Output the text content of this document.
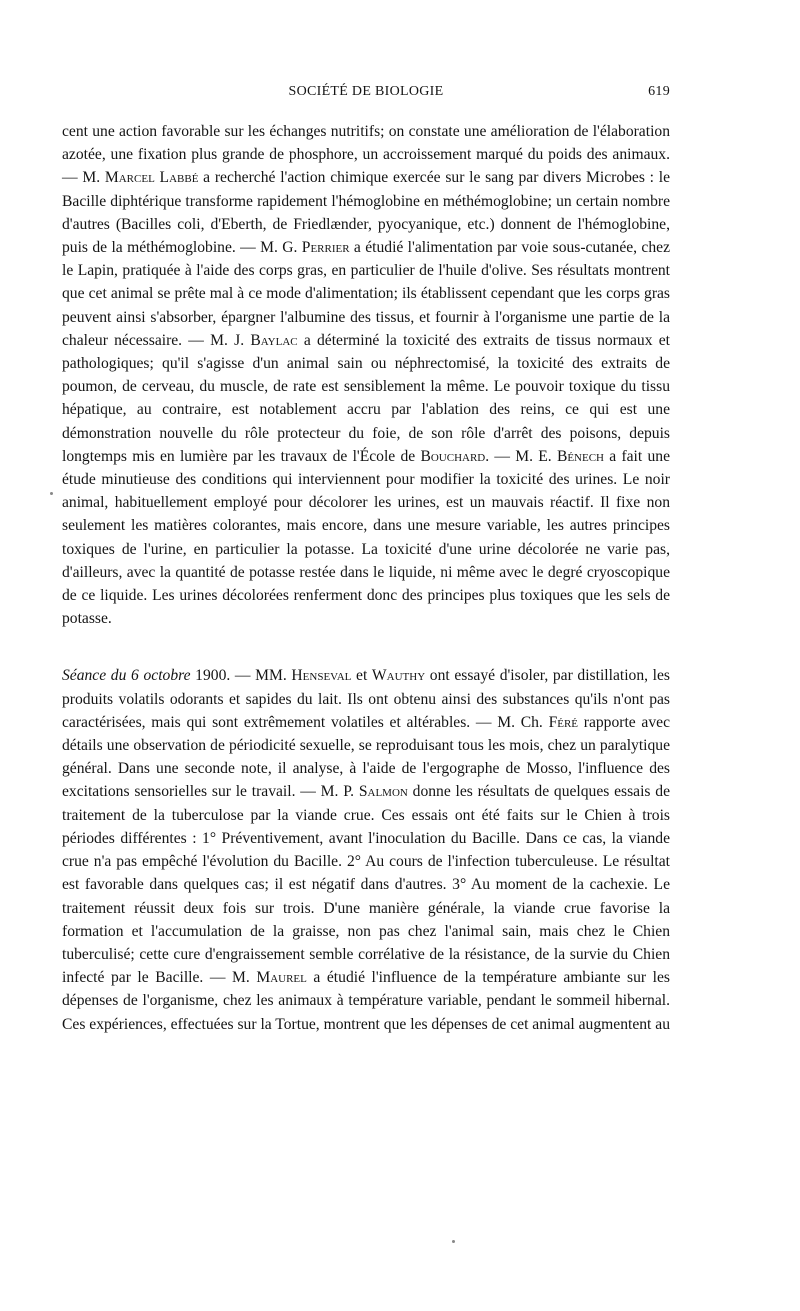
SOCIÉTÉ DE BIOLOGIE	619

cent une action favorable sur les échanges nutritifs; on constate une amélioration de l'élaboration azotée, une fixation plus grande de phosphore, un accroissement marqué du poids des animaux. — M. Marcel Labbé a recherché l'action chimique exercée sur le sang par divers Microbes : le Bacille diphtérique transforme rapidement l'hémoglobine en méthémoglobine; un certain nombre d'autres (Bacilles coli, d'Eberth, de Friedlænder, pyocyanique, etc.) donnent de l'hémoglobine, puis de la méthémoglobine. — M. G. Perrier a étudié l'alimentation par voie sous-cutanée, chez le Lapin, pratiquée à l'aide des corps gras, en particulier de l'huile d'olive. Ses résultats montrent que cet animal se prête mal à ce mode d'alimentation; ils établissent cependant que les corps gras peuvent ainsi s'absorber, épargner l'albumine des tissus, et fournir à l'organisme une partie de la chaleur nécessaire. — M. J. Baylac a déterminé la toxicité des extraits de tissus normaux et pathologiques; qu'il s'agisse d'un animal sain ou néphrectomisé, la toxicité des extraits de poumon, de cerveau, du muscle, de rate est sensiblement la même. Le pouvoir toxique du tissu hépatique, au contraire, est notablement accru par l'ablation des reins, ce qui est une démonstration nouvelle du rôle protecteur du foie, de son rôle d'arrêt des poisons, depuis longtemps mis en lumière par les travaux de l'École de Bouchard. — M. E. Bénech a fait une étude minutieuse des conditions qui interviennent pour modifier la toxicité des urines. Le noir animal, habituellement employé pour décolorer les urines, est un mauvais réactif. Il fixe non seulement les matières colorantes, mais encore, dans une mesure variable, les autres principes toxiques de l'urine, en particulier la potasse. La toxicité d'une urine décolorée ne varie pas, d'ailleurs, avec la quantité de potasse restée dans le liquide, ni même avec le degré cryoscopique de ce liquide. Les urines décolorées renferment donc des principes plus toxiques que les sels de potasse.

Séance du 6 octobre 1900. — MM. Henseval et Wauthy ont essayé d'isoler, par distillation, les produits volatils odorants et sapides du lait. Ils ont obtenu ainsi des substances qu'ils n'ont pas caractérisées, mais qui sont extrêmement volatiles et altérables. — M. Ch. Féré rapporte avec détails une observation de périodicité sexuelle, se reproduisant tous les mois, chez un paralytique général. Dans une seconde note, il analyse, à l'aide de l'ergographe de Mosso, l'influence des excitations sensorielles sur le travail. — M. P. Salmon donne les résultats de quelques essais de traitement de la tuberculose par la viande crue. Ces essais ont été faits sur le Chien à trois périodes différentes : 1° Préventivement, avant l'inoculation du Bacille. Dans ce cas, la viande crue n'a pas empêché l'évolution du Bacille. 2° Au cours de l'infection tuberculeuse. Le résultat est favorable dans quelques cas; il est négatif dans d'autres. 3° Au moment de la cachexie. Le traitement réussit deux fois sur trois. D'une manière générale, la viande crue favorise la formation et l'accumulation de la graisse, non pas chez l'animal sain, mais chez le Chien tuberculisé; cette cure d'engraissement semble corrélative de la résistance, de la survie du Chien infecté par le Bacille. — M. Maurel a étudié l'influence de la température ambiante sur les dépenses de l'organisme, chez les animaux à température variable, pendant le sommeil hibernal. Ces expériences, effectuées sur la Tortue, montrent que les dépenses de cet animal augmentent au
